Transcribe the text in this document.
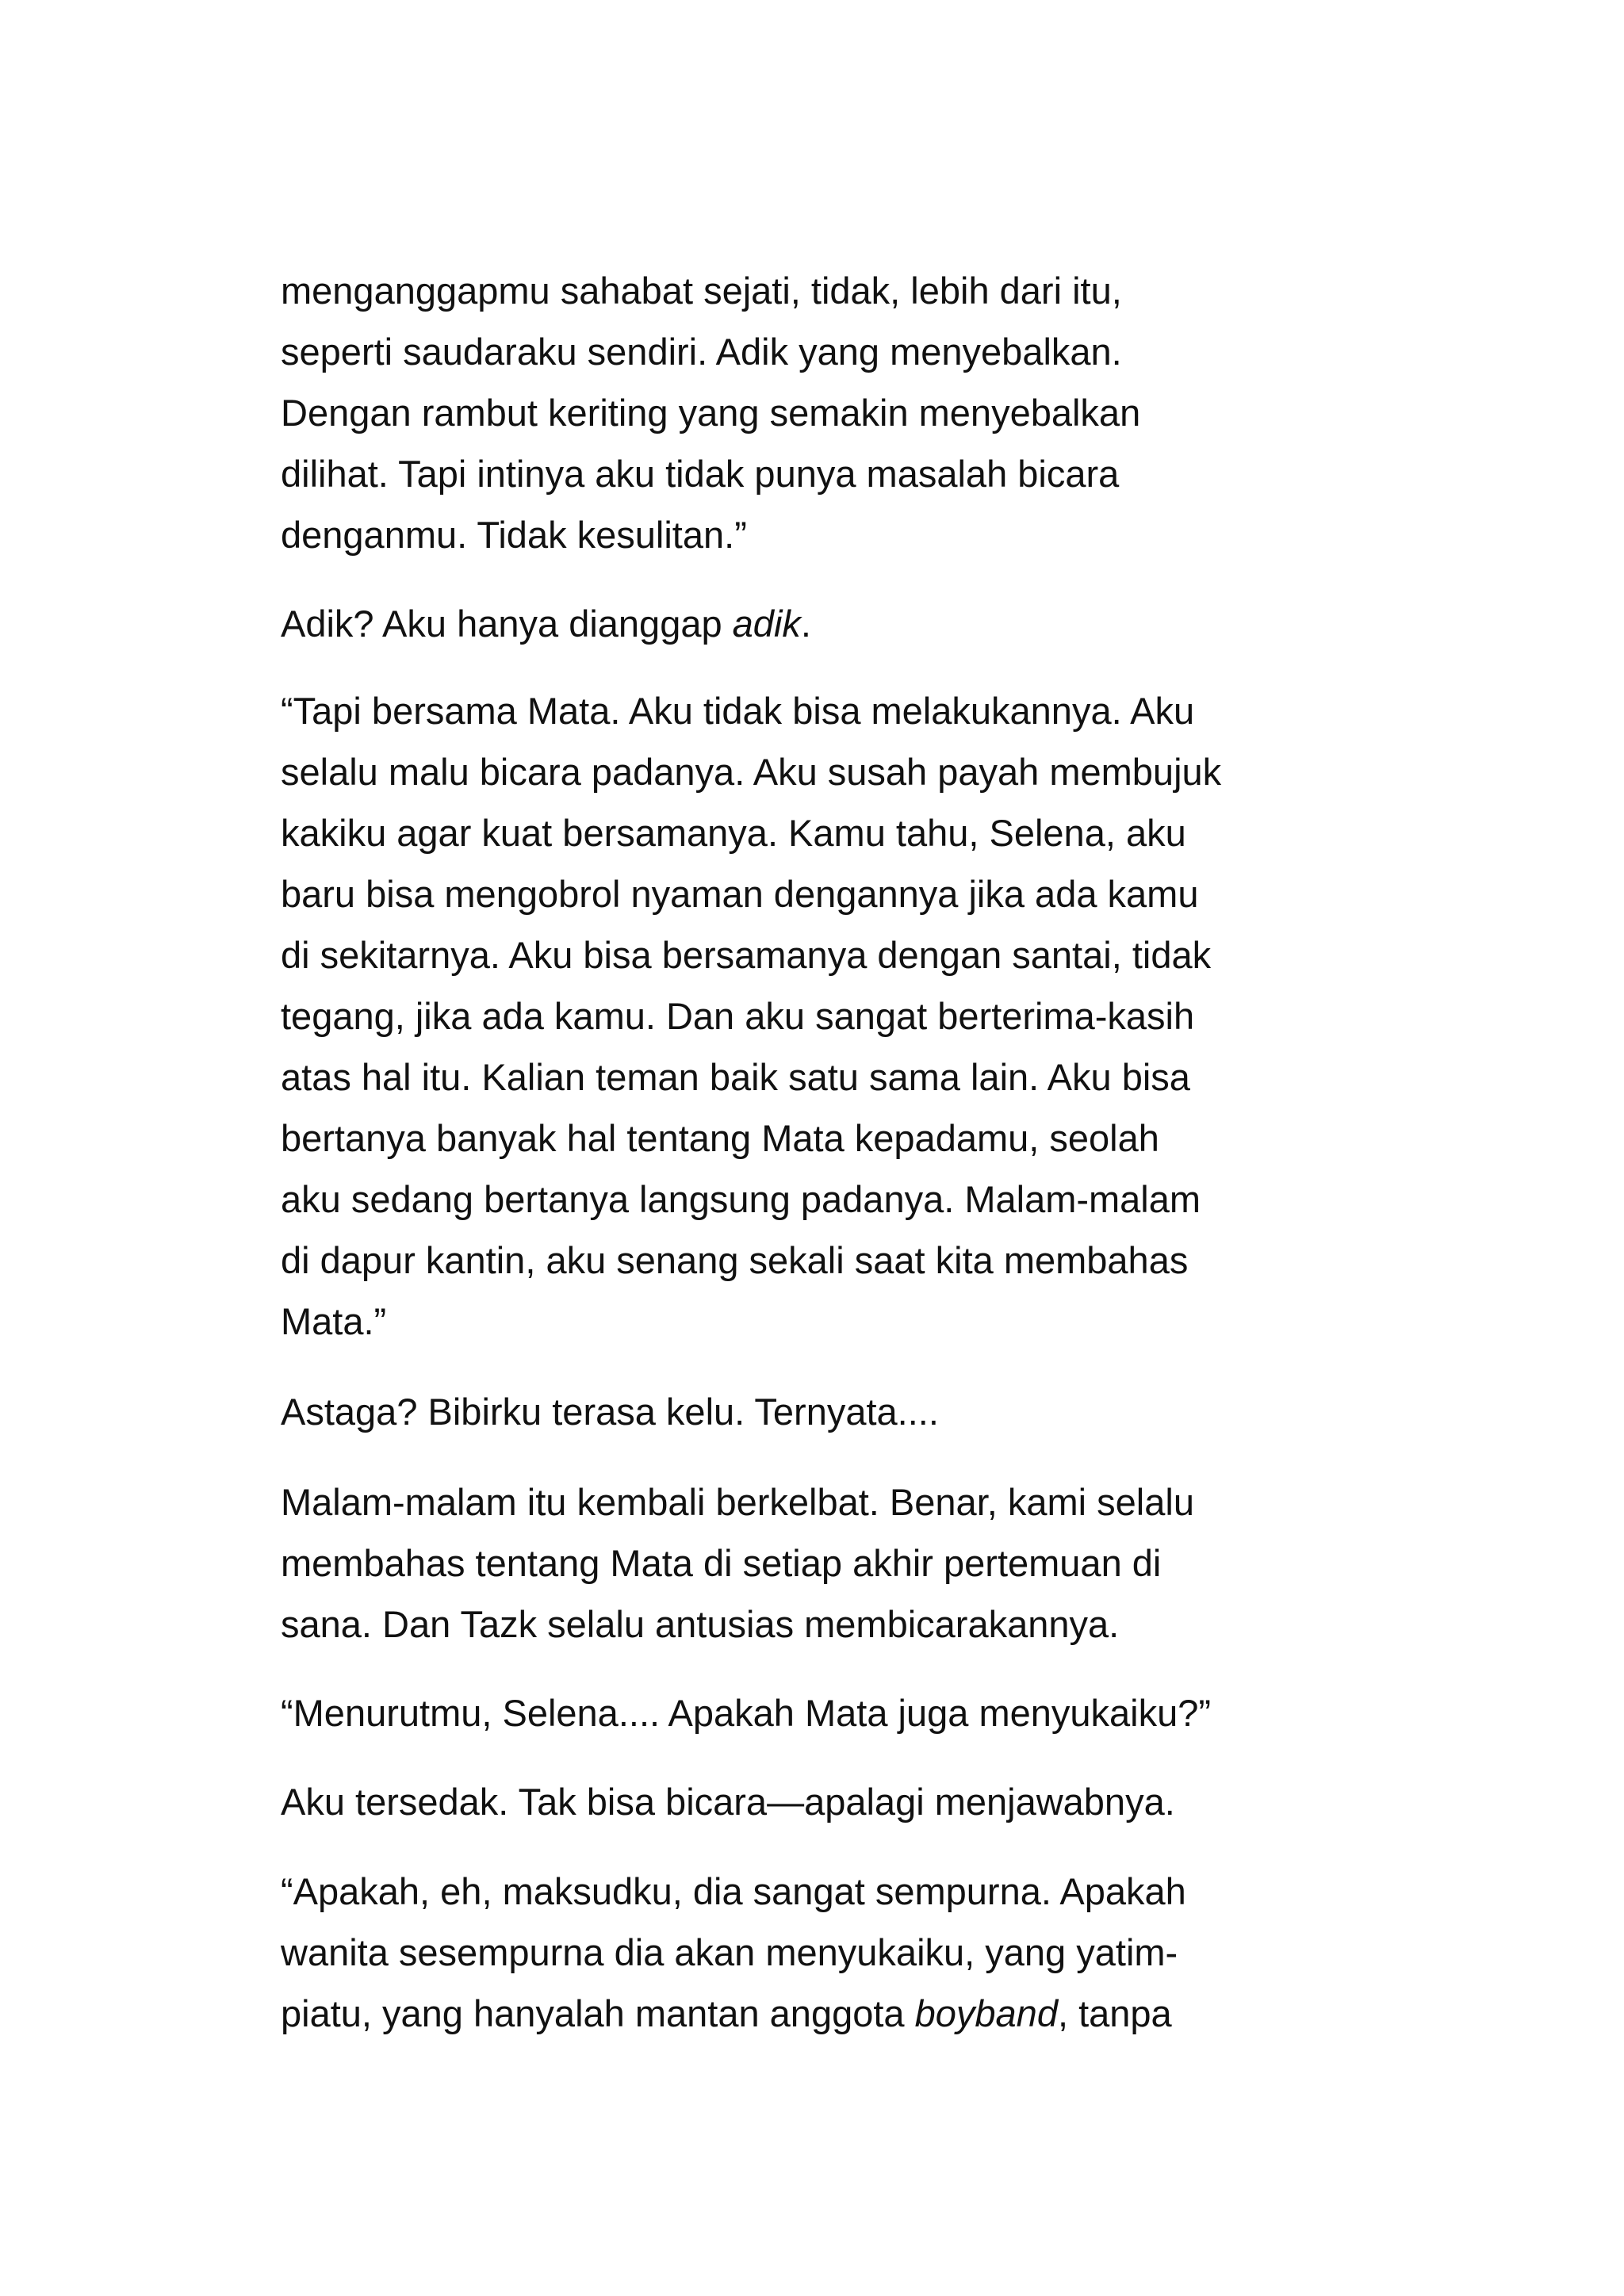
menganggapmu sahabat sejati, tidak, lebih dari itu,
seperti saudaraku sendiri. Adik yang menyebalkan.
Dengan rambut keriting yang semakin menyebalkan
dilihat. Tapi intinya aku tidak punya masalah bicara
denganmu. Tidak kesulitan.”

Adik? Aku hanya dianggap adik.

“Tapi bersama Mata. Aku tidak bisa melakukannya. Aku
selalu malu bicara padanya. Aku susah payah membujuk
kakiku agar kuat bersamanya. Kamu tahu, Selena, aku
baru bisa mengobrol nyaman dengannya jika ada kamu
di sekitarnya. Aku bisa bersamanya dengan santai, tidak
tegang, jika ada kamu. Dan aku sangat berterima-kasih
atas hal itu. Kalian teman baik satu sama lain. Aku bisa
bertanya banyak hal tentang Mata kepadamu, seolah
aku sedang bertanya langsung padanya. Malam-malam
di dapur kantin, aku senang sekali saat kita membahas
Mata.”

Astaga? Bibirku terasa kelu. Ternyata....

Malam-malam itu kembali berkelbat. Benar, kami selalu
membahas tentang Mata di setiap akhir pertemuan di
sana. Dan Tazk selalu antusias membicarakannya.

“Menurutmu, Selena.... Apakah Mata juga menyukaiku?”

Aku tersedak. Tak bisa bicara—apalagi menjawabnya.

“Apakah, eh, maksudku, dia sangat sempurna. Apakah
wanita sesempurna dia akan menyukaiku, yang yatim-
piatu, yang hanyalah mantan anggota boyband, tanpa
